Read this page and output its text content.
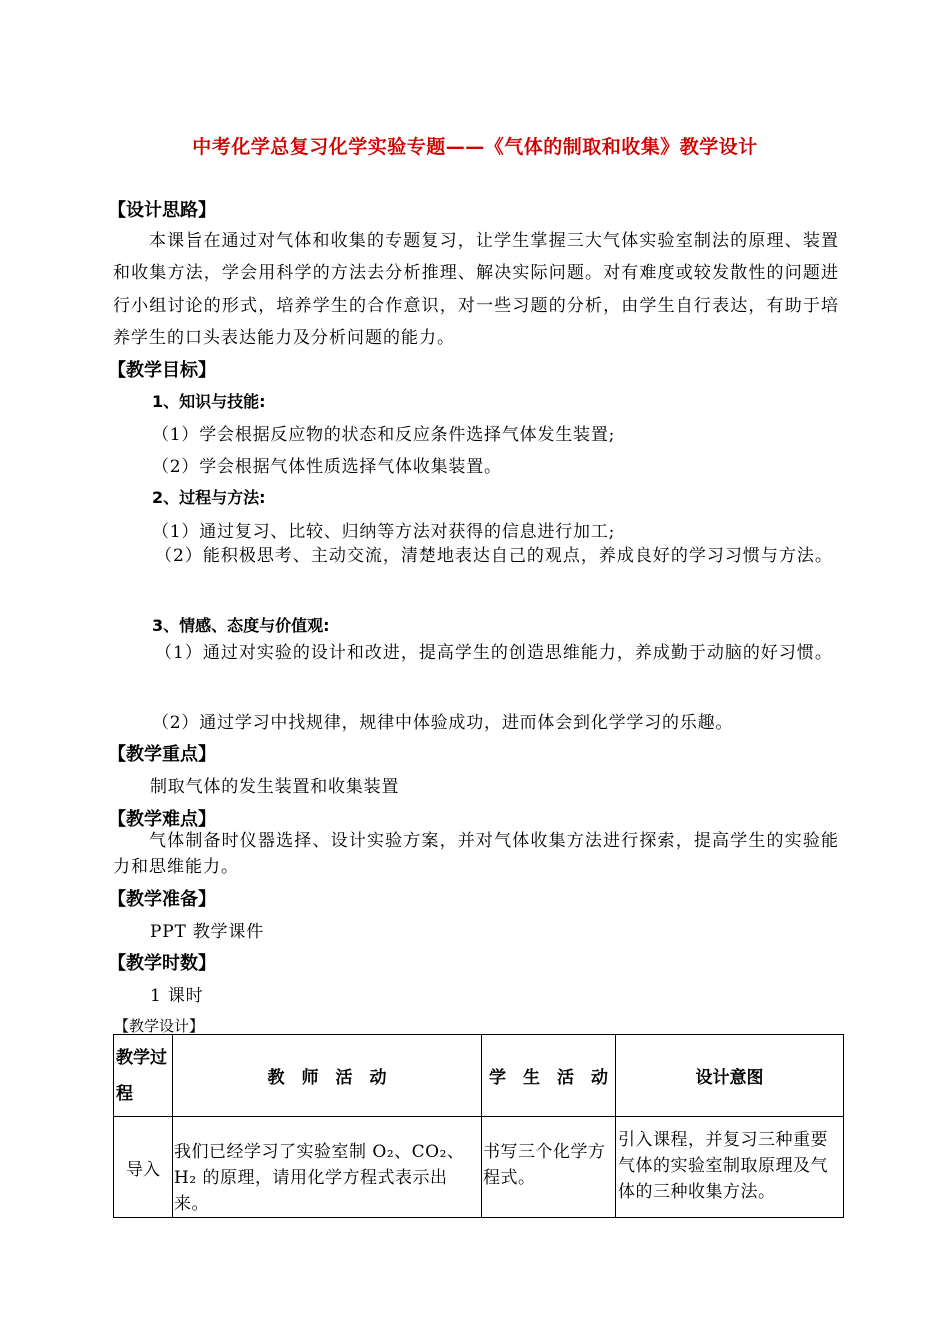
中考化学总复习化学实验专题——《气体的制取和收集》教学设计
【设计思路】
本课旨在通过对气体和收集的专题复习，让学生掌握三大气体实验室制法的原理、装置和收集方法，学会用科学的方法去分析推理、解决实际问题。对有难度或较发散性的问题进行小组讨论的形式，培养学生的合作意识，对一些习题的分析，由学生自行表达，有助于培养学生的口头表达能力及分析问题的能力。
【教学目标】
1、知识与技能:
（1）学会根据反应物的状态和反应条件选择气体发生装置;
（2）学会根据气体性质选择气体收集装置。
2、过程与方法:
（1）通过复习、比较、归纳等方法对获得的信息进行加工;
（2）能积极思考、主动交流，清楚地表达自己的观点，养成良好的学习习惯与方法。
3、情感、态度与价值观:
（1）通过对实验的设计和改进，提高学生的创造思维能力，养成勤于动脑的好习惯。
（2）通过学习中找规律，规律中体验成功，进而体会到化学学习的乐趣。
【教学重点】
制取气体的发生装置和收集装置
【教学难点】
气体制备时仪器选择、设计实验方案，并对气体收集方法进行探索，提高学生的实验能力和思维能力。
【教学准备】
PPT 教学课件
【教学时数】
1 课时
【教学设计】
教学过程	教　师　活　动	学　生　活　动	设计意图
导入	我们已经学习了实验室制 O₂、CO₂、H₂ 的原理，请用化学方程式表示出来。	书写三个化学方程式。	引入课程，并复习三种重要气体的实验室制取原理及气体的三种收集方法。
